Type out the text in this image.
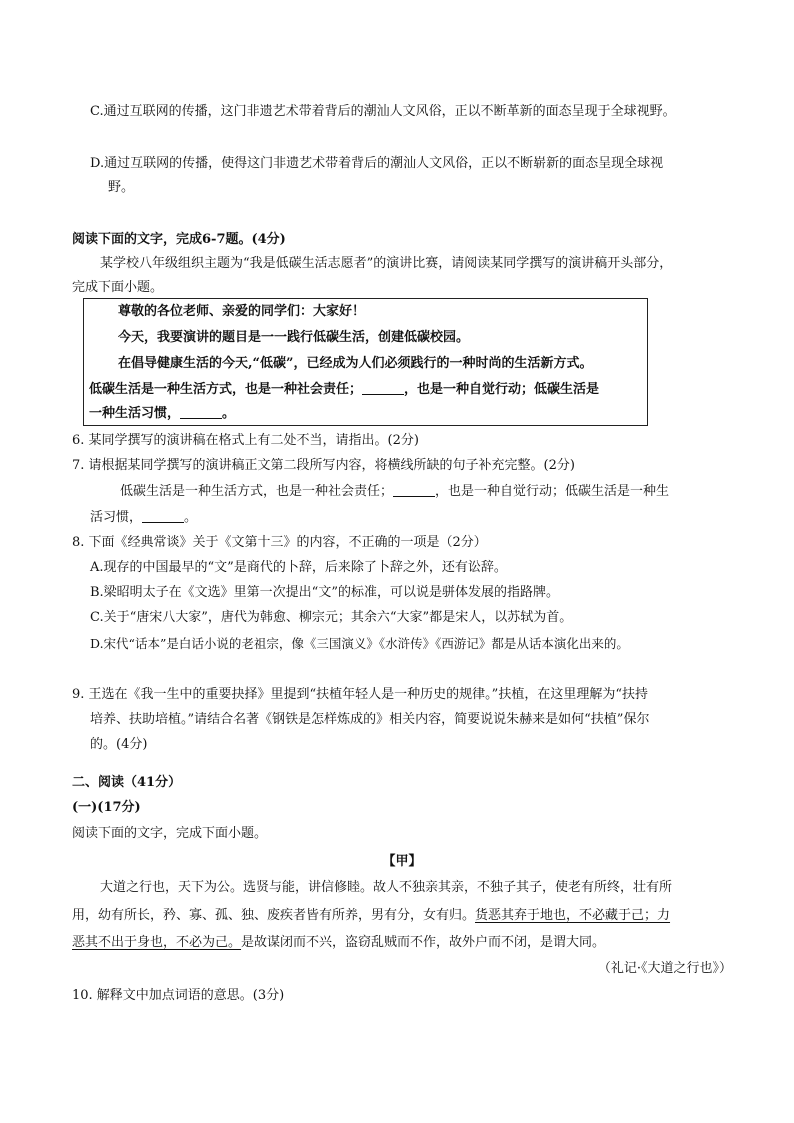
C.通过互联网的传播，这门非遗艺术带着背后的潮汕人文风俗，正以不断革新的面态呈现于全球视野。
D.通过互联网的传播，使得这门非遗艺术带着背后的潮汕人文风俗，正以不断崭新的面态呈现全球视
野。
阅读下面的文字，完成6-7题。(4分)
某学校八年级组织主题为“我是低碳生活志愿者”的演讲比赛，请阅读某同学撰写的演讲稿开头部分，
完成下面小题。
尊敬的各位老师、亲爱的同学们：大家好！
今天，我要演讲的题目是一一践行低碳生活，创建低碳校园。
在倡导健康生活的今天,“低碳”，已经成为人们必须践行的一种时尚的生活新方式。
低碳生活是一种生活方式，也是一种社会责任；	，也是一种自觉行动；低碳生活是
一种生活习惯，	。
6. 某同学撰写的演讲稿在格式上有二处不当，请指出。(2分)
7. 请根据某同学撰写的演讲稿正文第二段所写内容，将横线所缺的句子补充完整。(2分)
低碳生活是一种生活方式，也是一种社会责任；	，也是一种自觉行动；低碳生活是一种生
活习惯，	。
8. 下面《经典常谈》关于《文第十三》的内容，不正确的一项是（2分）
A.现存的中国最早的“文”是商代的卜辞，后来除了卜辞之外，还有讼辞。
B.梁昭明太子在《文选》里第一次提出“文”的标准，可以说是骈体发展的指路牌。
C.关于“唐宋八大家”，唐代为韩愈、柳宗元；其余六“大家”都是宋人，以苏轼为首。
D.宋代“话本”是白话小说的老祖宗，像《三国演义》《水浒传》《西游记》都是从话本演化出来的。
9. 王选在《我一生中的重要抉择》里提到“扶植年轻人是一种历史的规律。”扶植，在这里理解为“扶持
培养、扶助培植。”请结合名著《钢铁是怎样炼成的》相关内容，简要说说朱赫来是如何“扶植”保尔
的。(4分)
二、阅读（41分）
(一)(17分)
阅读下面的文字，完成下面小题。
【甲】
大道之行也，天下为公。选贤与能，讲信修睦。故人不独亲其亲，不独子其子，使老有所终，壮有所
用，幼有所长，矜、寡、孤、独、废疾者皆有所养，男有分，女有归。货恶其弃于地也，不必藏于己；力
恶其不出于身也，不必为己。是故谋闭而不兴，盗窃乱贼而不作，故外户而不闭，是谓大同。
（礼记·《大道之行也》）
10. 解释文中加点词语的意思。(3分)
